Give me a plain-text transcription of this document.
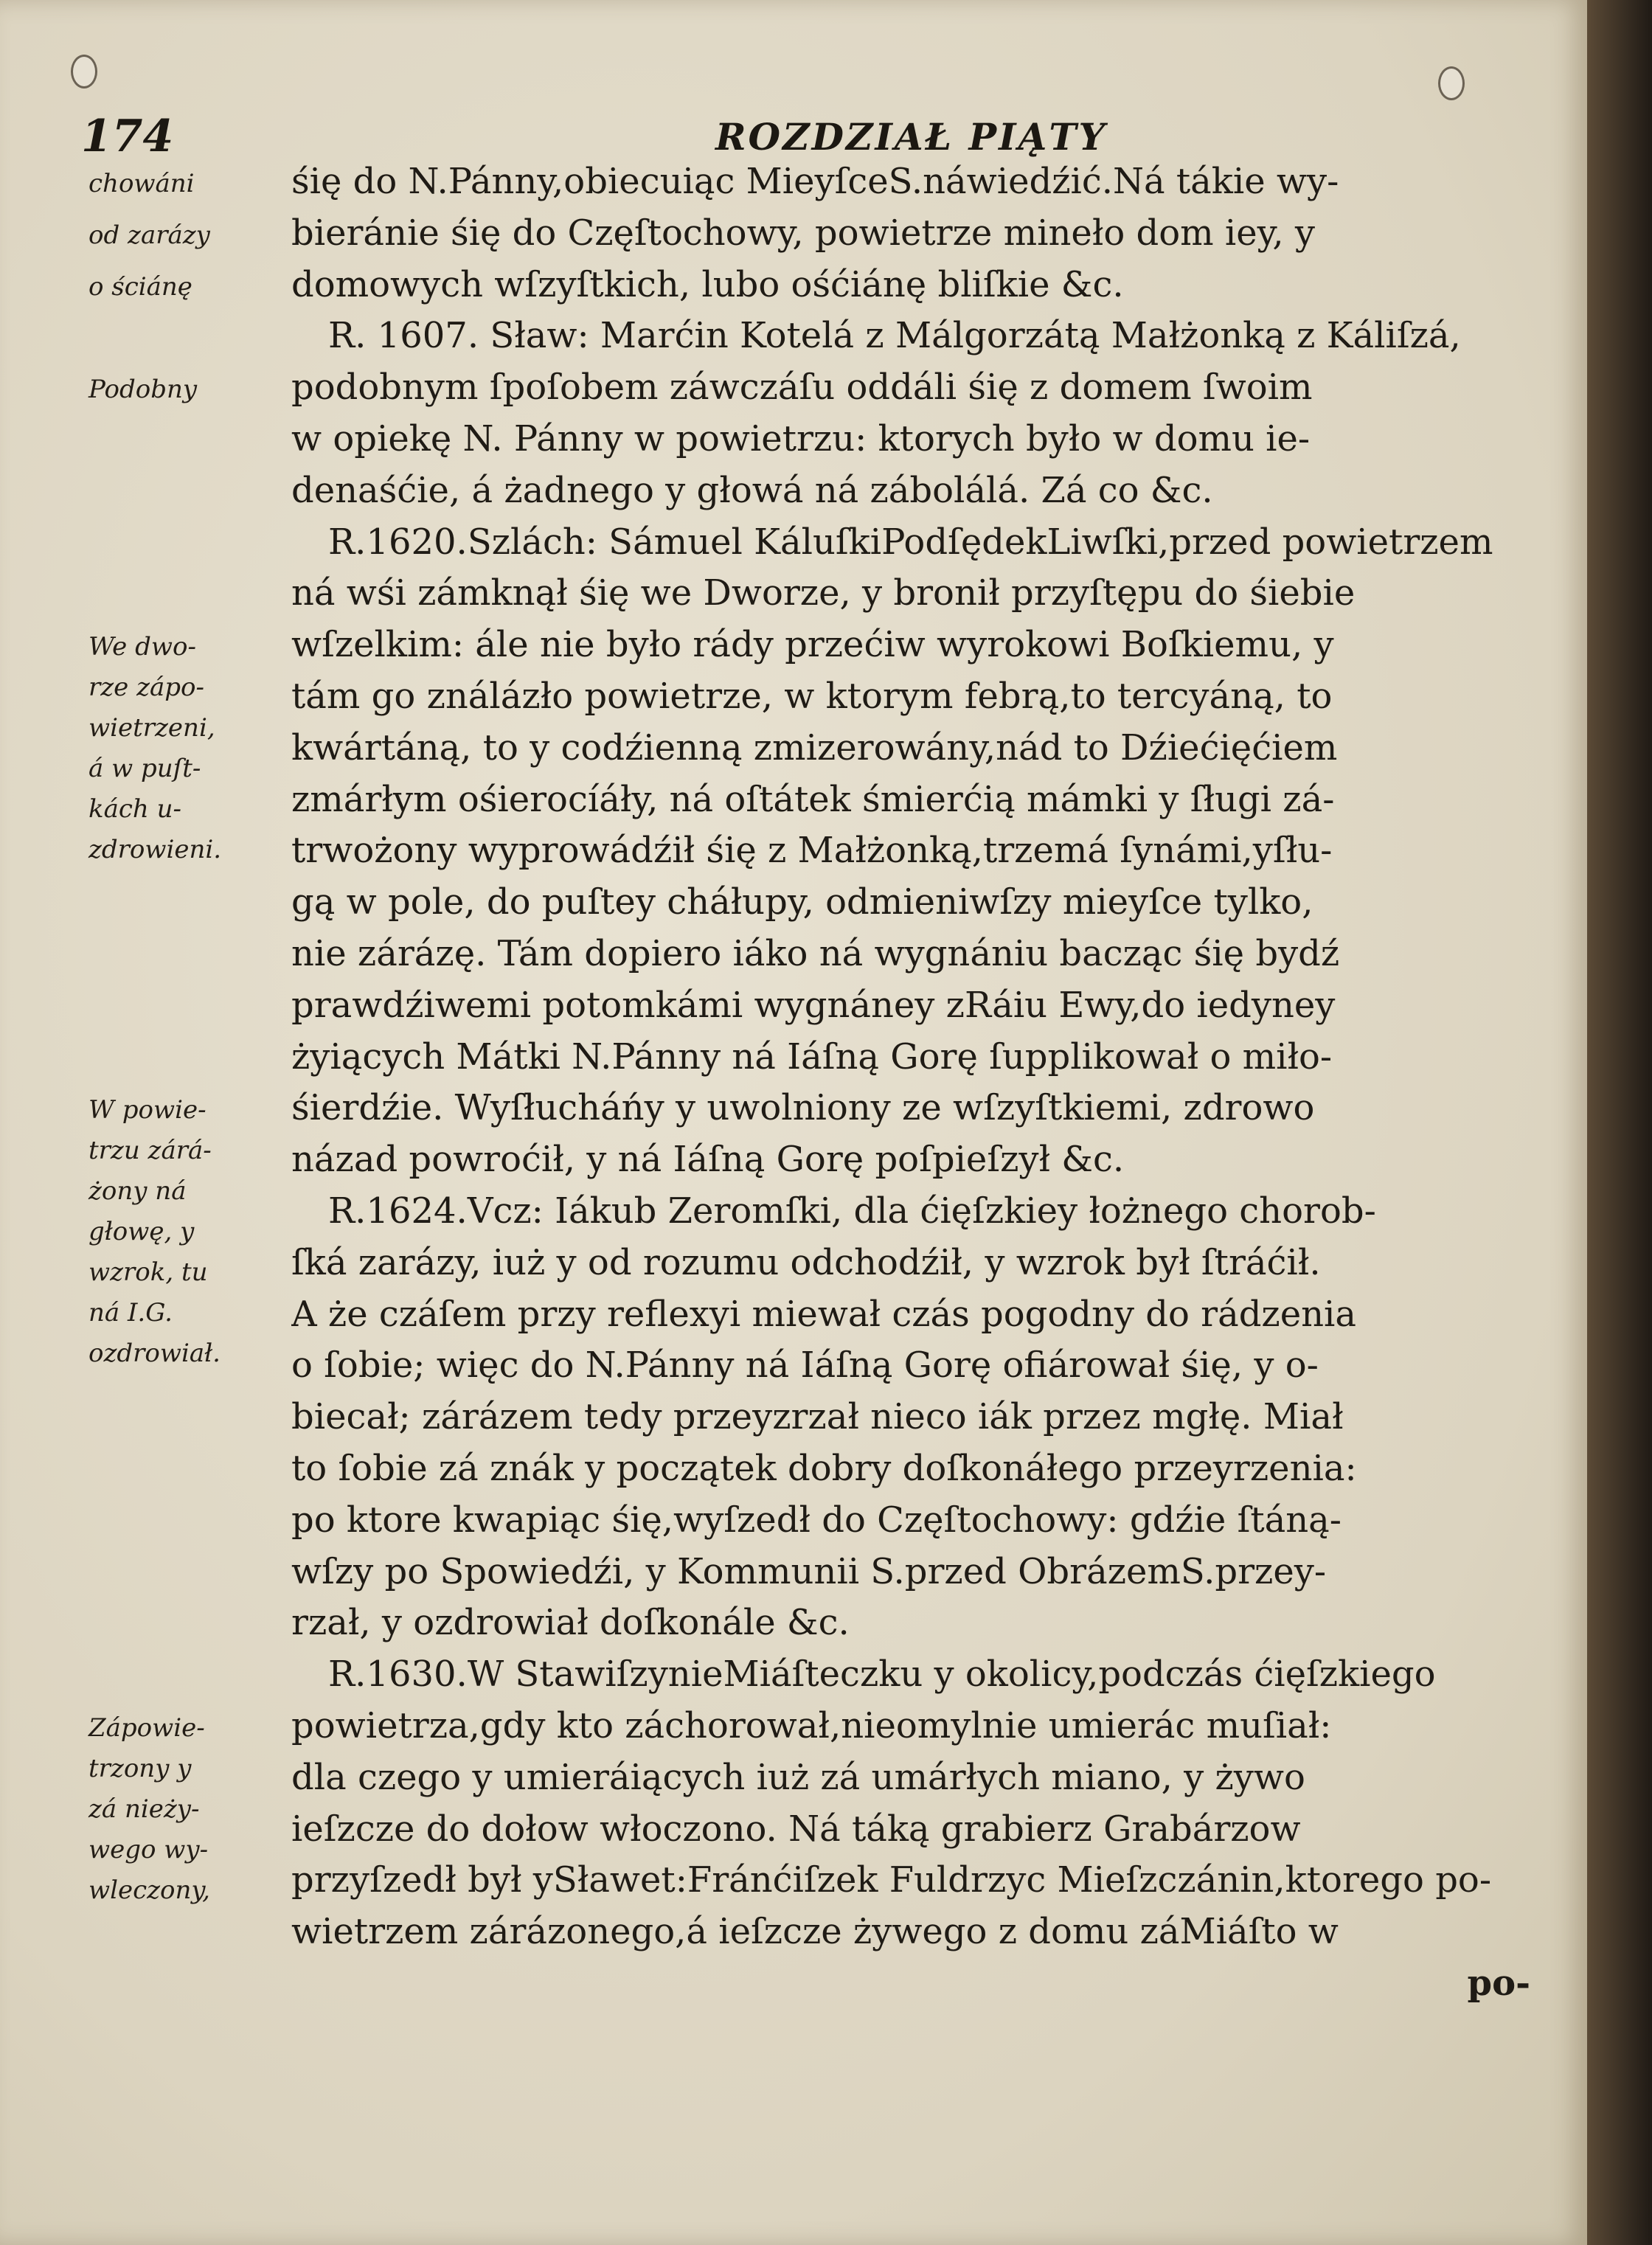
174	ROZDZIAŁ PIĄTY
śię do N.Pánny,obiecuiąc MieyſceS.náwiedźić.Ná tákie wy-
bieránie śię do Częſtochowy, powietrze mineło dom iey, y
domowych wſzyſtkich, lubo ośćiánę bliſkie &c.
R. 1607. Sław: Marćin Kotelá z Málgorzátą Małżonką z Káliſzá,
podobnym ſpoſobem záwczáſu oddáli śię z domem ſwoim
w opiekę N. Pánny w powietrzu: ktorych było w domu ie-
denaśćie, á żadnego y głowá ná zábolálá. Zá co &c.
R.1620.Szlách: Sámuel KáluſkiPodſędekLiwſki,przed powietrzem
ná wśi zámknął śię we Dworze, y bronił przyſtępu do śiebie
wſzelkim: ále nie było rády przećiw wyrokowi Boſkiemu, y
tám go ználázło powietrze, w ktorym febrą,to tercyáną, to
kwártáną, to y codźienną zmizerowány,nád to Dźiećięćiem
zmárłym ośierocíáły, ná oſtátek śmierćią mámki y ſługi zá-
trwożony wyprowádźił śię z Małżonką,trzemá ſynámi,yſłu-
gą w pole, do puſtey cháłupy, odmieniwſzy mieyſce tylko,
nie zárázę. Tám dopiero iáko ná wygnániu bacząc śię bydź
prawdźiwemi potomkámi wygnáney zRáiu Ewy,do iedyney
żyiących Mátki N.Pánny ná Iáſną Gorę ſupplikował o miło-
śierdźie. Wyſłucháńy y uwolniony ze wſzyſtkiemi, zdrowo
názad powroćił, y ná Iáſną Gorę poſpieſzył &c.
R.1624.Vcz: Iákub Zeromſki, dla ćięſzkiey łożnego chorob-
ſká zarázy, iuż y od rozumu odchodźił, y wzrok był ſtráćił.
A że czáſem przy reflexyi miewał czás pogodny do rádzenia
o ſobie; więc do N.Pánny ná Iáſną Gorę ofiárował śię, y o-
biecał; zárázem tedy przeyzrzał nieco iák przez mgłę. Miał
to ſobie zá znák y początek dobry doſkonáłego przeyrzenia:
po ktore kwapiąc śię,wyſzedł do Częſtochowy: gdźie ſtáną-
wſzy po Spowiedźi, y Kommunii S.przed ObrázemS.przey-
rzał, y ozdrowiał doſkonále &c.
R.1630.W StawiſzynieMiáſteczku y okolicy,podczás ćięſzkiego
powietrza,gdy kto záchorował,nieomylnie umierác muſiał:
dla czego y umieráiących iuż zá umárłych miano, y żywo
ieſzcze do dołow włoczono. Ná táką grabierz Grabárzow
przyſzedł był ySławet:Fránćiſzek Fuldrzyc Mieſzczánin,ktorego po-
wietrzem zárázonego,á ieſzcze żywego z domu záMiáſto w
po-
chowáni
od zarázy
o ściánę
Podobny
We dwo-
rze zápo-
wietrzeni,
á w puſt-
kách u-
zdrowieni.
W powie-
trzu zárá-
żony ná
głowę, y
wzrok, tu
ná I.G.
ozdrowiał.
Zápowie-
trzony y
zá nieży-
wego wy-
wleczony,
